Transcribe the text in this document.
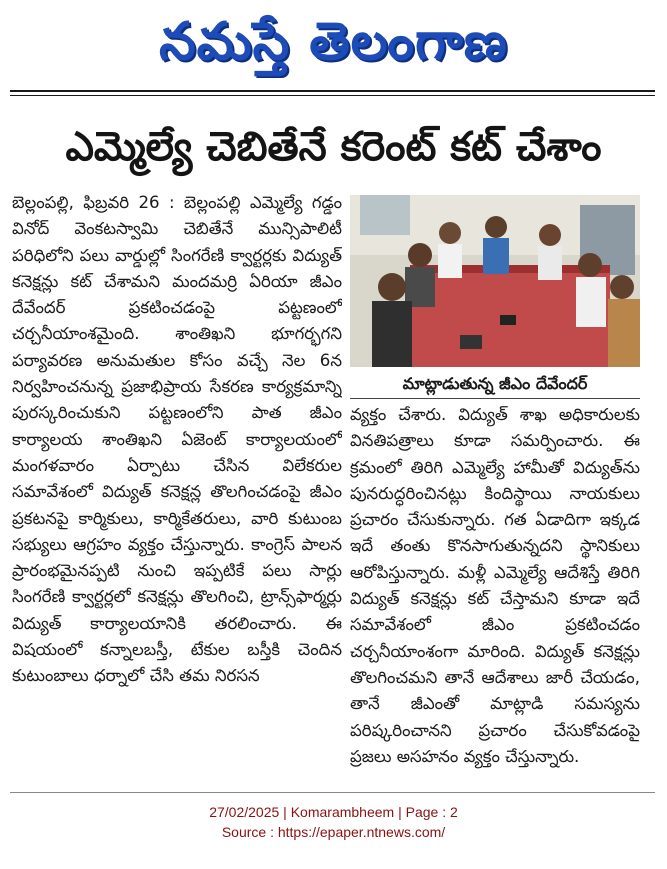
నమస్తే తెలంగాణ
ఎమ్మెల్యే చెబితేనే కరెంట్‌ కట్‌ చేశాం

బెల్లంపల్లి, ఫిబ్రవరి 26 : బెల్లంపల్లి ఎమ్మెల్యే గడ్డం వినోద్‌ వెంకటస్వామి చెబితేనే మున్సిపాలిటీ పరిధిలోని పలు వార్డుల్లో సింగరేణి క్వార్టర్లకు విద్యుత్‌ కనెక్షన్లు కట్‌ చేశామని మందమర్రి ఏరియా జీఎం దేవేందర్‌ ప్రకటించడంపై పట్టణంలో చర్చనీయాంశమైంది. శాంతిఖని భూగర్భగని పర్యావరణ అనుమతుల కోసం వచ్చే నెల 6న నిర్వహించనున్న ప్రజాభిప్రాయ సేకరణ కార్యక్రమాన్ని పురస్కరించుకుని పట్టణంలోని పాత జీఎం కార్యాలయ శాంతిఖని ఏజెంట్‌ కార్యాలయంలో మంగళవారం ఏర్పాటు చేసిన విలేకరుల సమావేశంలో విద్యుత్‌ కనెక్షన్ల తొలగించడంపై జీఎం ప్రకటనపై కార్మికులు, కార్మికేతరులు, వారి కుటుంబ సభ్యులు ఆగ్రహం వ్యక్తం చేస్తున్నారు. కాంగ్రెస్‌ పాలన ప్రారంభమైనప్పటి నుంచి ఇప్పటికే పలు సార్లు సింగరేణి క్వార్టర్లలో కనెక్షన్లు తొలగించి, ట్రాన్స్‌ఫార్మర్లు విద్యుత్‌ కార్యాలయానికి తరలించారు. ఈ విషయంలో కన్నాలబస్తీ, టేకుల బస్తీకి చెందిన కుటుంబాలు ధర్నాలో చేసి తమ నిరసన

మాట్లాడుతున్న జీఎం దేవేందర్‌

వ్యక్తం చేశారు. విద్యుత్‌ శాఖ అధికారులకు వినతిపత్రాలు కూడా సమర్పించారు. ఈ క్రమంలో తిరిగి ఎమ్మెల్యే హామీతో విద్యుత్‌ను పునరుద్ధరించినట్లు కిందిస్థాయి నాయకులు ప్రచారం చేసుకున్నారు. గత ఏడాదిగా ఇక్కడ ఇదే తంతు కొనసాగుతున్నదని స్థానికులు ఆరోపిస్తున్నారు. మళ్లీ ఎమ్మెల్యే ఆదేశిస్తే తిరిగి విద్యుత్‌ కనెక్షన్లు కట్‌ చేస్తామని కూడా ఇదే సమావేశంలో జీఎం ప్రకటించడం చర్చనీయాంశంగా మారింది. విద్యుత్‌ కనెక్షన్లు తొలగించమని తానే ఆదేశాలు జారీ చేయడం, తానే జీఎంతో మాట్లాడి సమస్యను పరిష్కరించానని ప్రచారం చేసుకోవడంపై ప్రజలు అసహనం వ్యక్తం చేస్తున్నారు.

27/02/2025 | Komarambheem | Page : 2
Source : https://epaper.ntnews.com/
